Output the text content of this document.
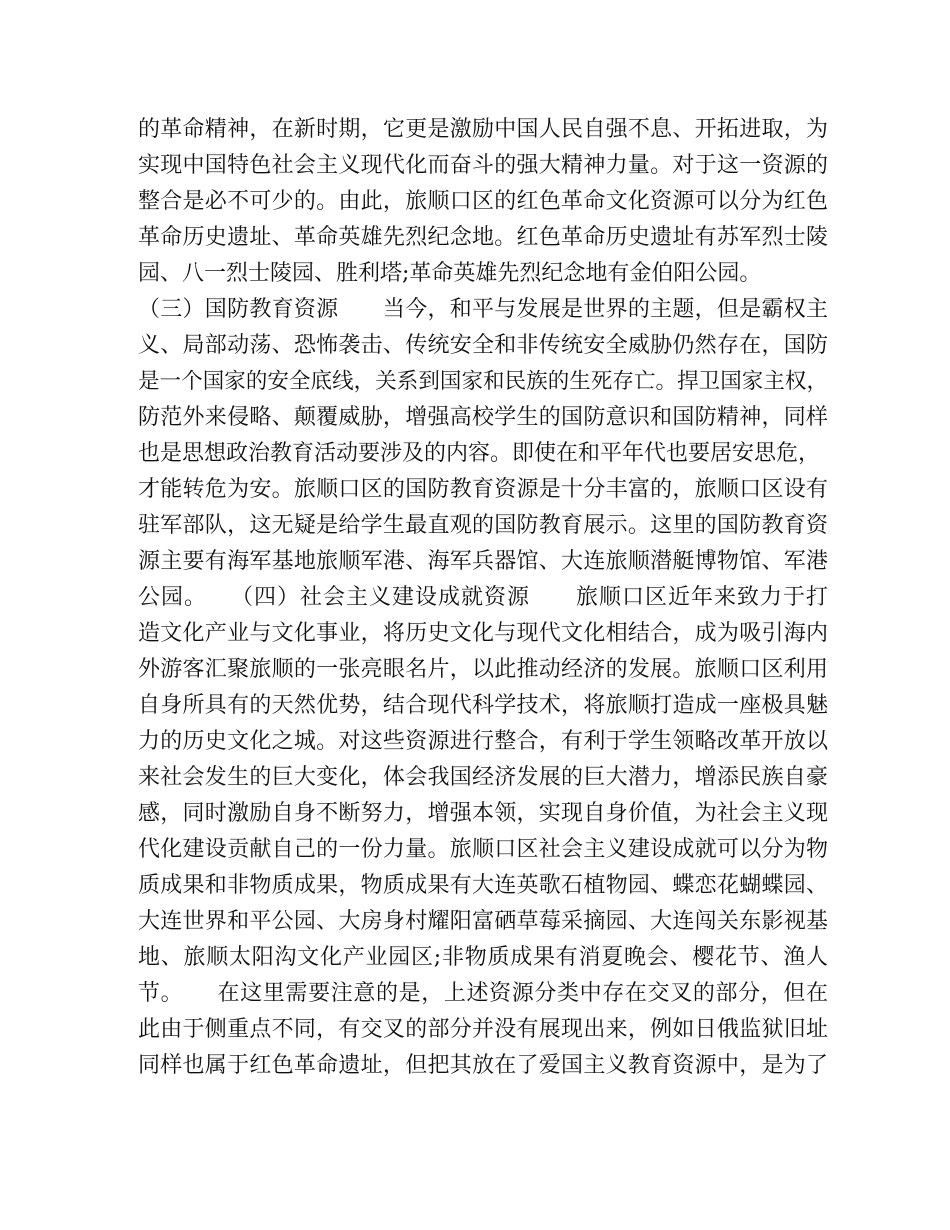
的革命精神，在新时期，它更是激励中国人民自强不息、开拓进取，为
实现中国特色社会主义现代化而奋斗的强大精神力量。对于这一资源的
整合是必不可少的。由此，旅顺口区的红色革命文化资源可以分为红色
革命历史遗址、革命英雄先烈纪念地。红色革命历史遗址有苏军烈士陵
园、八一烈士陵园、胜利塔;革命英雄先烈纪念地有金伯阳公园。
（三）国防教育资源　　当今，和平与发展是世界的主题，但是霸权主
义、局部动荡、恐怖袭击、传统安全和非传统安全威胁仍然存在，国防
是一个国家的安全底线，关系到国家和民族的生死存亡。捍卫国家主权，
防范外来侵略、颠覆威胁，增强高校学生的国防意识和国防精神，同样
也是思想政治教育活动要涉及的内容。即使在和平年代也要居安思危，
才能转危为安。旅顺口区的国防教育资源是十分丰富的，旅顺口区设有
驻军部队，这无疑是给学生最直观的国防教育展示。这里的国防教育资
源主要有海军基地旅顺军港、海军兵器馆、大连旅顺潜艇博物馆、军港
公园。　　（四）社会主义建设成就资源　　旅顺口区近年来致力于打
造文化产业与文化事业，将历史文化与现代文化相结合，成为吸引海内
外游客汇聚旅顺的一张亮眼名片，以此推动经济的发展。旅顺口区利用
自身所具有的天然优势，结合现代科学技术，将旅顺打造成一座极具魅
力的历史文化之城。对这些资源进行整合，有利于学生领略改革开放以
来社会发生的巨大变化，体会我国经济发展的巨大潜力，增添民族自豪
感，同时激励自身不断努力，增强本领，实现自身价值，为社会主义现
代化建设贡献自己的一份力量。旅顺口区社会主义建设成就可以分为物
质成果和非物质成果，物质成果有大连英歌石植物园、蝶恋花蝴蝶园、
大连世界和平公园、大房身村耀阳富硒草莓采摘园、大连闯关东影视基
地、旅顺太阳沟文化产业园区;非物质成果有消夏晚会、樱花节、渔人
节。　　在这里需要注意的是，上述资源分类中存在交叉的部分，但在
此由于侧重点不同，有交叉的部分并没有展现出来，例如日俄监狱旧址
同样也属于红色革命遗址，但把其放在了爱国主义教育资源中，是为了
